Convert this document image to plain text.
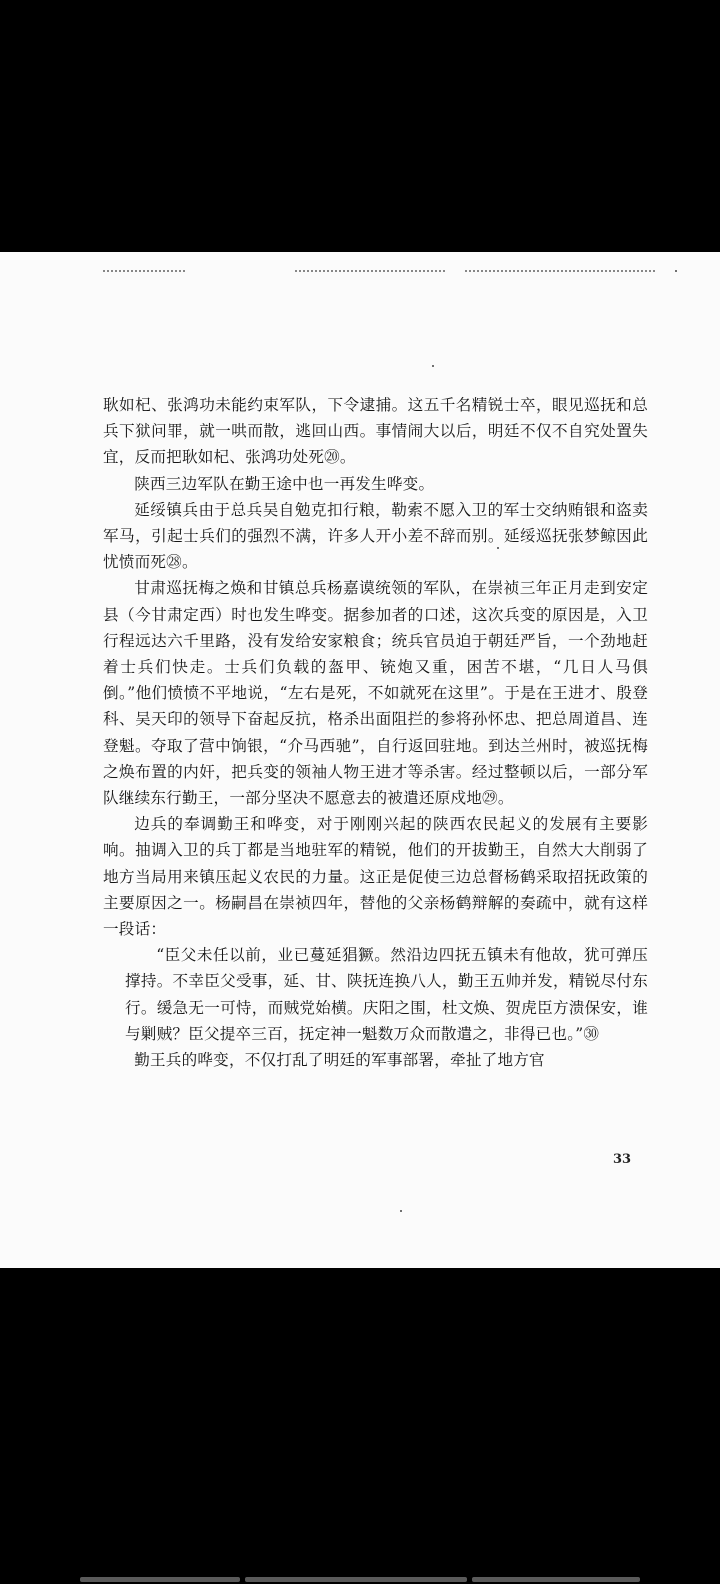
耿如杞、张鸿功未能约束军队，下令逮捕。这五千名精锐士卒，眼见巡抚和总兵下狱问罪，就一哄而散，逃回山西。事情闹大以后，明廷不仅不自究处置失宜，反而把耿如杞、张鸿功处死⑳。

陕西三边军队在勤王途中也一再发生哗变。

延绥镇兵由于总兵吴自勉克扣行粮，勒索不愿入卫的军士交纳贿银和盗卖军马，引起士兵们的强烈不满，许多人开小差不辞而别。延绥巡抚张梦鲸因此忧愤而死㉘。

甘肃巡抚梅之焕和甘镇总兵杨嘉谟统领的军队，在崇祯三年正月走到安定县（今甘肃定西）时也发生哗变。据参加者的口述，这次兵变的原因是，入卫行程远达六千里路，没有发给安家粮食；统兵官员迫于朝廷严旨，一个劲地赶着士兵们快走。士兵们负载的盔甲、铳炮又重，困苦不堪，“几日人马俱倒。”他们愤愤不平地说，“左右是死，不如就死在这里”。于是在王进才、殷登科、吴天印的领导下奋起反抗，格杀出面阻拦的参将孙怀忠、把总周道昌、连登魁。夺取了营中饷银，“介马西驰”，自行返回驻地。到达兰州时，被巡抚梅之焕布置的内奸，把兵变的领袖人物王进才等杀害。经过整顿以后，一部分军队继续东行勤王，一部分坚决不愿意去的被遣还原戍地㉙。

边兵的奉调勤王和哗变，对于刚刚兴起的陕西农民起义的发展有主要影响。抽调入卫的兵丁都是当地驻军的精锐，他们的开拔勤王，自然大大削弱了地方当局用来镇压起义农民的力量。这正是促使三边总督杨鹤采取招抚政策的主要原因之一。杨嗣昌在崇祯四年，替他的父亲杨鹤辩解的奏疏中，就有这样一段话：

“臣父未任以前，业已蔓延猖獗。然沿边四抚五镇未有他故，犹可弹压撑持。不幸臣父受事，延、甘、陕抚连换八人，勤王五帅并发，精锐尽付东行。缓急无一可恃，而贼党始横。庆阳之围，杜文焕、贺虎臣方溃保安，谁与剿贼？臣父提卒三百，抚定神一魁数万众而散遣之，非得已也。”㉚

勤王兵的哗变，不仅打乱了明廷的军事部署，牵扯了地方官

33
